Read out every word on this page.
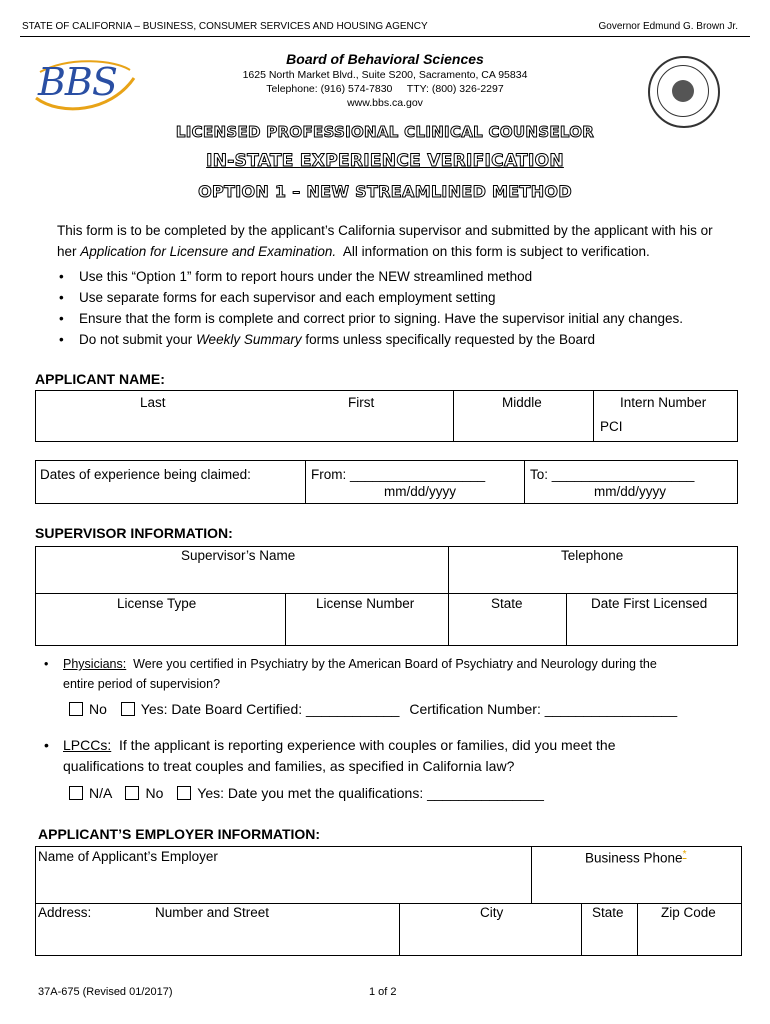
STATE OF CALIFORNIA – BUSINESS, CONSUMER SERVICES AND HOUSING AGENCY	Governor Edmund G. Brown Jr.
BBS
Board of Behavioral Sciences
1625 North Market Blvd., Suite S200, Sacramento, CA 95834
Telephone: (916) 574-7830     TTY: (800) 326-2297
www.bbs.ca.gov
LICENSED PROFESSIONAL CLINICAL COUNSELOR
IN-STATE EXPERIENCE VERIFICATION
OPTION 1 – NEW STREAMLINED METHOD
This form is to be completed by the applicant’s California supervisor and submitted by the applicant with his or
her Application for Licensure and Examination.  All information on this form is subject to verification.
• Use this “Option 1” form to report hours under the NEW streamlined method
• Use separate forms for each supervisor and each employment setting
• Ensure that the form is complete and correct prior to signing. Have the supervisor initial any changes.
• Do not submit your Weekly Summary forms unless specifically requested by the Board
APPLICANT NAME:
Last	First	Middle	Intern Number
PCI
Dates of experience being claimed:	From: __________________
mm/dd/yyyy
To: ___________________
mm/dd/yyyy
SUPERVISOR INFORMATION:
Supervisor’s Name	Telephone
License Type	License Number	State	Date First Licensed
• Physicians:  Were you certified in Psychiatry by the American Board of Psychiatry and Neurology during the
entire period of supervision?
No Yes: Date Board Certified: ____________ Certification Number: _________________
• LPCCs:  If the applicant is reporting experience with couples or families, did you meet the
qualifications to treat couples and families, as specified in California law?
N/A No Yes: Date you met the qualifications: _______________
APPLICANT’S EMPLOYER INFORMATION:
Name of Applicant’s Employer	Business Phone*
Address:	Number and Street	City	State	Zip Code
37A-675 (Revised 01/2017)	1 of 2
